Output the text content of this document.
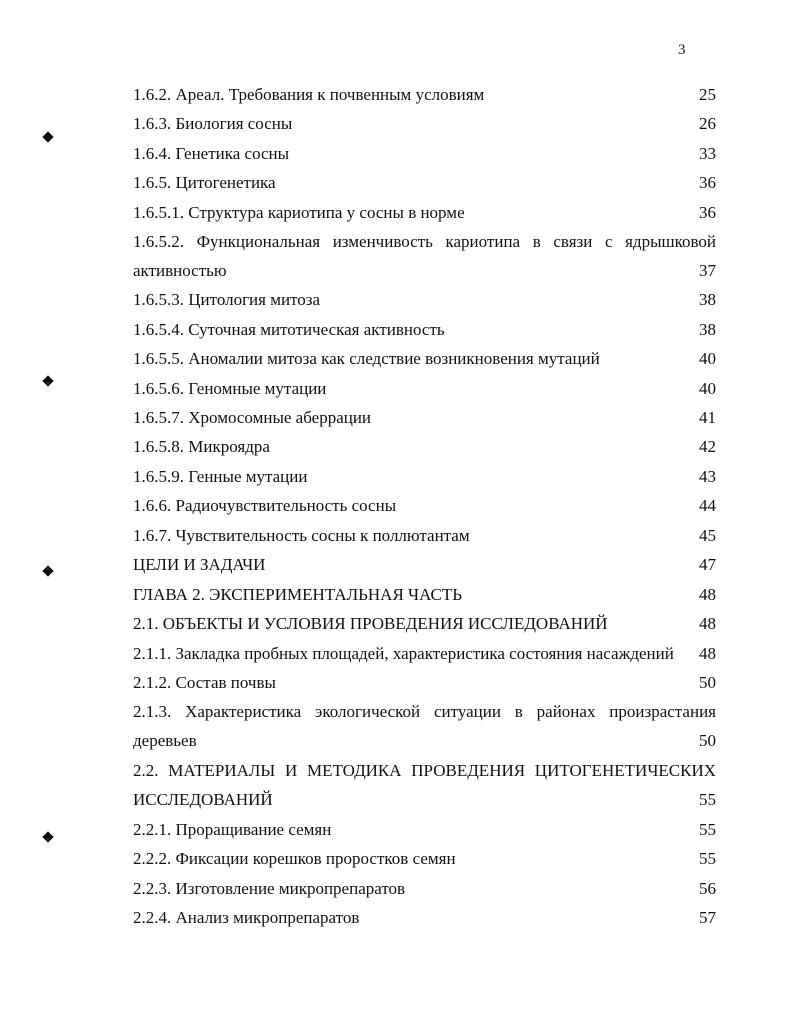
3
1.6.2. Ареал. Требования к почвенным условиям	25
1.6.3. Биология сосны	26
1.6.4. Генетика сосны	33
1.6.5. Цитогенетика	36
1.6.5.1. Структура кариотипа у сосны в норме	36
1.6.5.2. Функциональная изменчивость кариотипа в связи с ядрышковой
активностью	37
1.6.5.3. Цитология митоза	38
1.6.5.4. Суточная митотическая активность	38
1.6.5.5. Аномалии митоза как следствие возникновения мутаций	40
1.6.5.6. Геномные мутации	40
1.6.5.7. Хромосомные аберрации	41
1.6.5.8. Микроядра	42
1.6.5.9. Генные мутации	43
1.6.6. Радиочувствительность сосны	44
1.6.7. Чувствительность сосны к поллютантам	45
ЦЕЛИ И ЗАДАЧИ	47
ГЛАВА 2. ЭКСПЕРИМЕНТАЛЬНАЯ ЧАСТЬ	48
2.1. ОБЪЕКТЫ И УСЛОВИЯ ПРОВЕДЕНИЯ ИССЛЕДОВАНИЙ	48
2.1.1. Закладка пробных площадей, характеристика состояния насаждений	48
2.1.2. Состав почвы	50
2.1.3. Характеристика экологической ситуации в районах произрастания
деревьев	50
2.2. МАТЕРИАЛЫ И МЕТОДИКА ПРОВЕДЕНИЯ ЦИТОГЕНЕТИЧЕСКИХ
ИССЛЕДОВАНИЙ	55
2.2.1. Проращивание семян	55
2.2.2. Фиксации корешков проростков семян	55
2.2.3. Изготовление микропрепаратов	56
2.2.4. Анализ микропрепаратов	57
